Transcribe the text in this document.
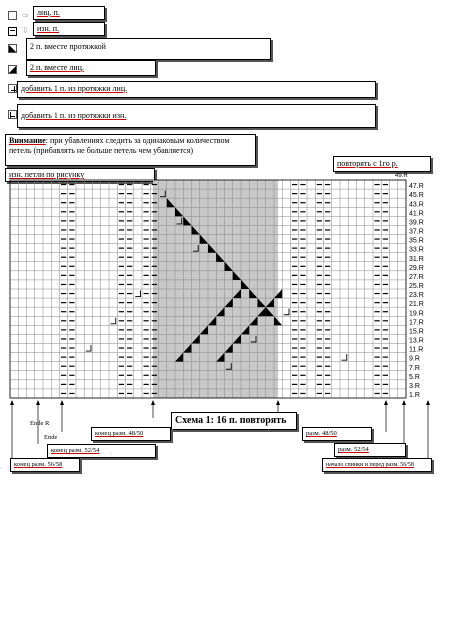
⇨	лиц. п.
⇩	изн. п.
2 п. вместе протяжкой
2 п. вместе лиц.
добавить 1 п. из протяжки лиц.
добавить 1 п. из протяжки изн.
Внимание: при убавлениях следить за одинаковым количеством
петель (прибавлять не больше петель чем убавляется)
изн. петли по рисунку
повторять с 1го р.
49.R
47.R
45.R
43.R
41.R
39.R
37.R
35.R
33.R
31.R
29.R
27.R
25.R
23.R
21.R
19.R
17.R
15.R
13.R
11.R
9.R
7.R
5.R
3.R
1.R
Схема 1: 16 п. повторять
Ende R
Ende
конец разм. 48/50
конец разм. 52/54
конец разм. 56/58
разм. 48/50
разм. 52/54
начало спинки и перед разм. 56/58
